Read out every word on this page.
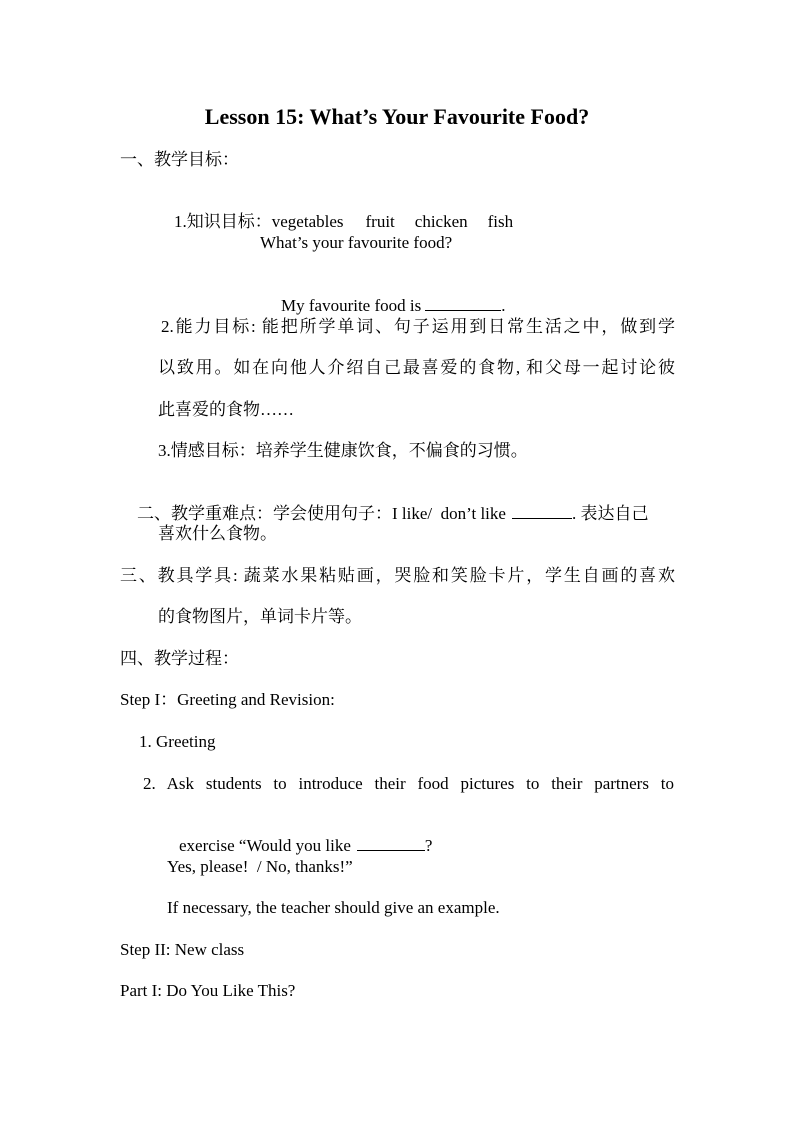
Lesson 15: What’s Your Favourite Food?
一、教学目标：

1.知识目标：vegetables fruit chicken fish

What’s your favourite food?

My favourite food is	.

2.能力目标: 能把所学单词、句子运用到日常生活之中，做到学
以致用。如在向他人介绍自己最喜爱的食物, 和父母一起讨论彼
此喜爱的食物……
3.情感目标：培养学生健康饮食，不偏食的习惯。

二、教学重难点：学会使用句子：I like/  don’t like	. 表达自己

喜欢什么食物。
三、教具学具: 蔬菜水果粘贴画，哭脸和笑脸卡片，学生自画的喜欢
的食物图片，单词卡片等。
四、教学过程：
Step I：Greeting and Revision:
1. Greeting
2. Ask students to introduce their food pictures to their partners to

exercise “Would you like	?

Yes, please!  / No, thanks!”
If necessary, the teacher should give an example.
Step II: New class
Part I: Do You Like This?
